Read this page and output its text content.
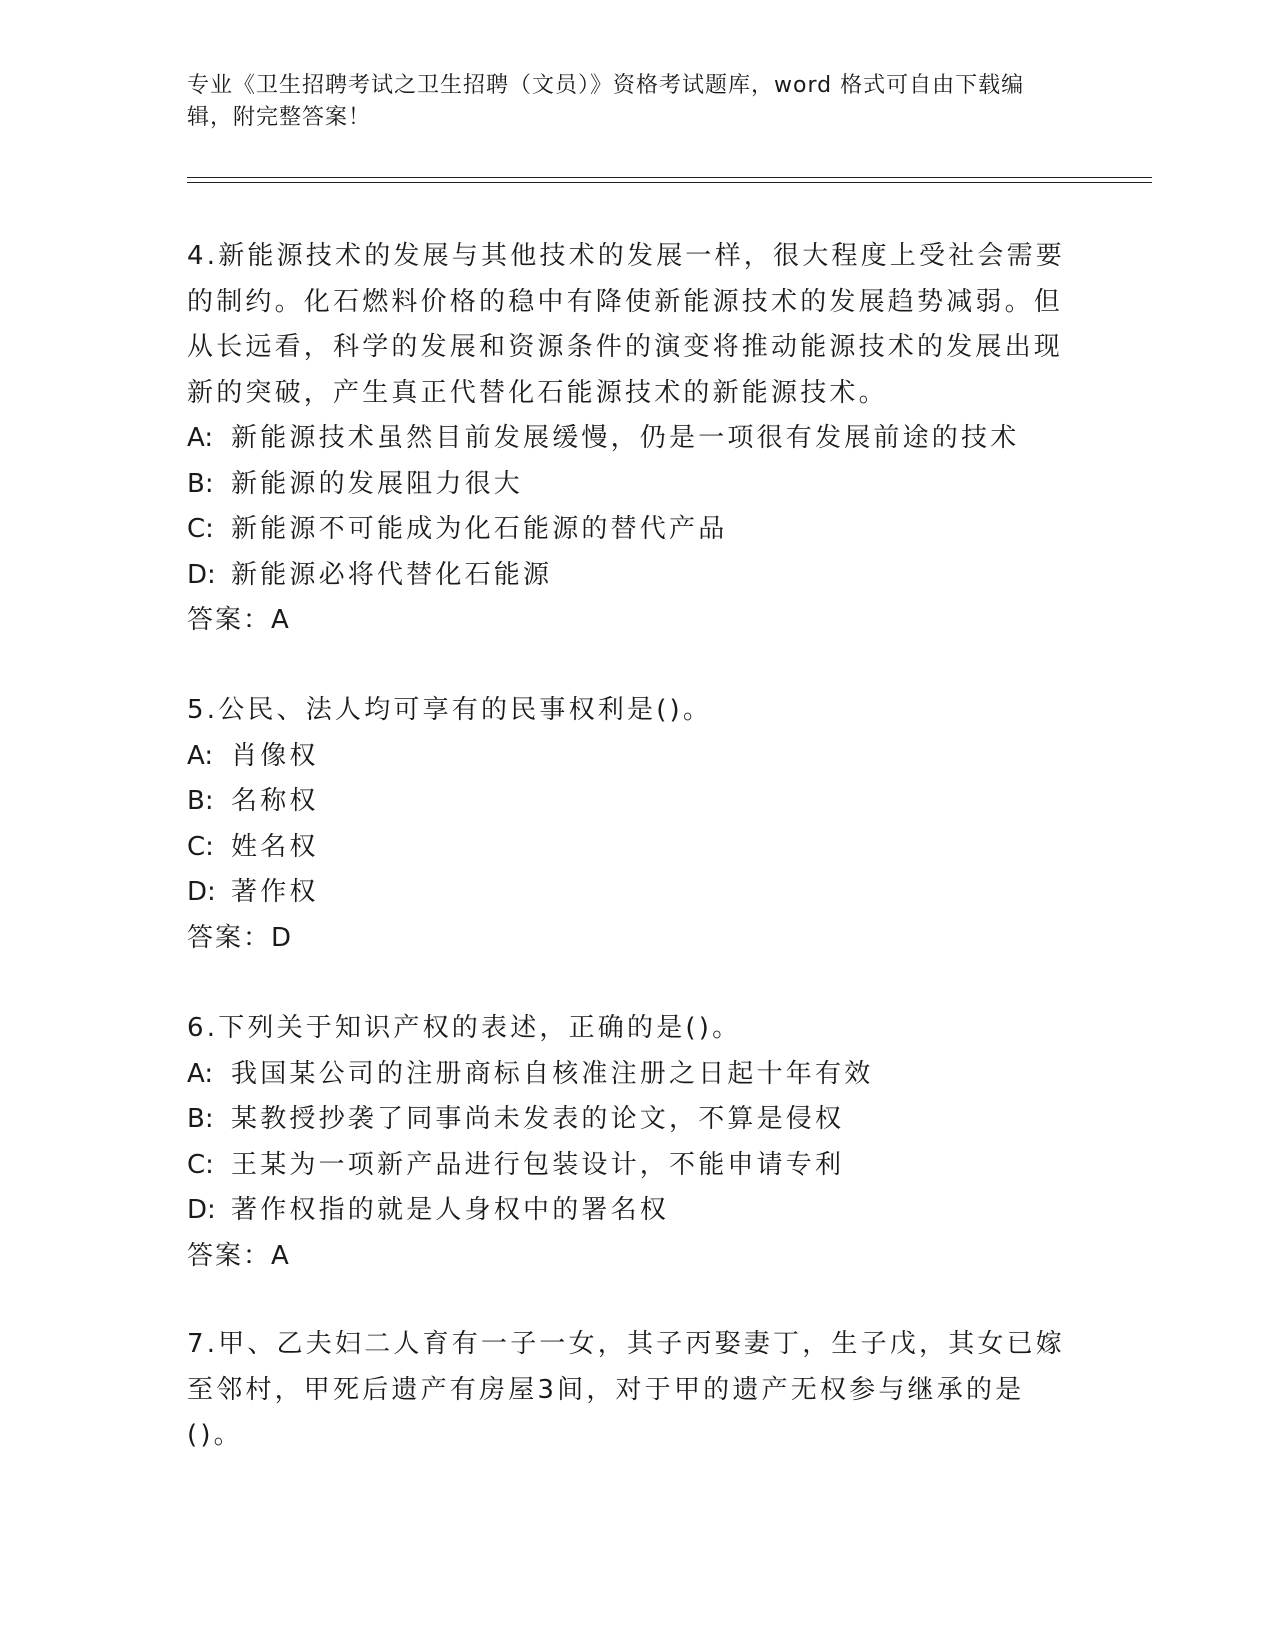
专业《卫生招聘考试之卫生招聘（文员）》资格考试题库，word 格式可自由下载编辑，附完整答案！

4.新能源技术的发展与其他技术的发展一样，很大程度上受社会需要的制约。化石燃料价格的稳中有降使新能源技术的发展趋势减弱。但从长远看，科学的发展和资源条件的演变将推动能源技术的发展出现新的突破，产生真正代替化石能源技术的新能源技术。

A: 新能源技术虽然目前发展缓慢，仍是一项很有发展前途的技术

B: 新能源的发展阻力很大

C: 新能源不可能成为化石能源的替代产品

D: 新能源必将代替化石能源

答案：A

5.公民、法人均可享有的民事权利是()。

A: 肖像权

B: 名称权

C: 姓名权

D: 著作权

答案：D

6.下列关于知识产权的表述，正确的是()。

A: 我国某公司的注册商标自核准注册之日起十年有效

B: 某教授抄袭了同事尚未发表的论文，不算是侵权

C: 王某为一项新产品进行包装设计，不能申请专利

D: 著作权指的就是人身权中的署名权

答案：A

7.甲、乙夫妇二人育有一子一女，其子丙娶妻丁，生子戊，其女已嫁至邻村，甲死后遗产有房屋3间，对于甲的遗产无权参与继承的是()。
